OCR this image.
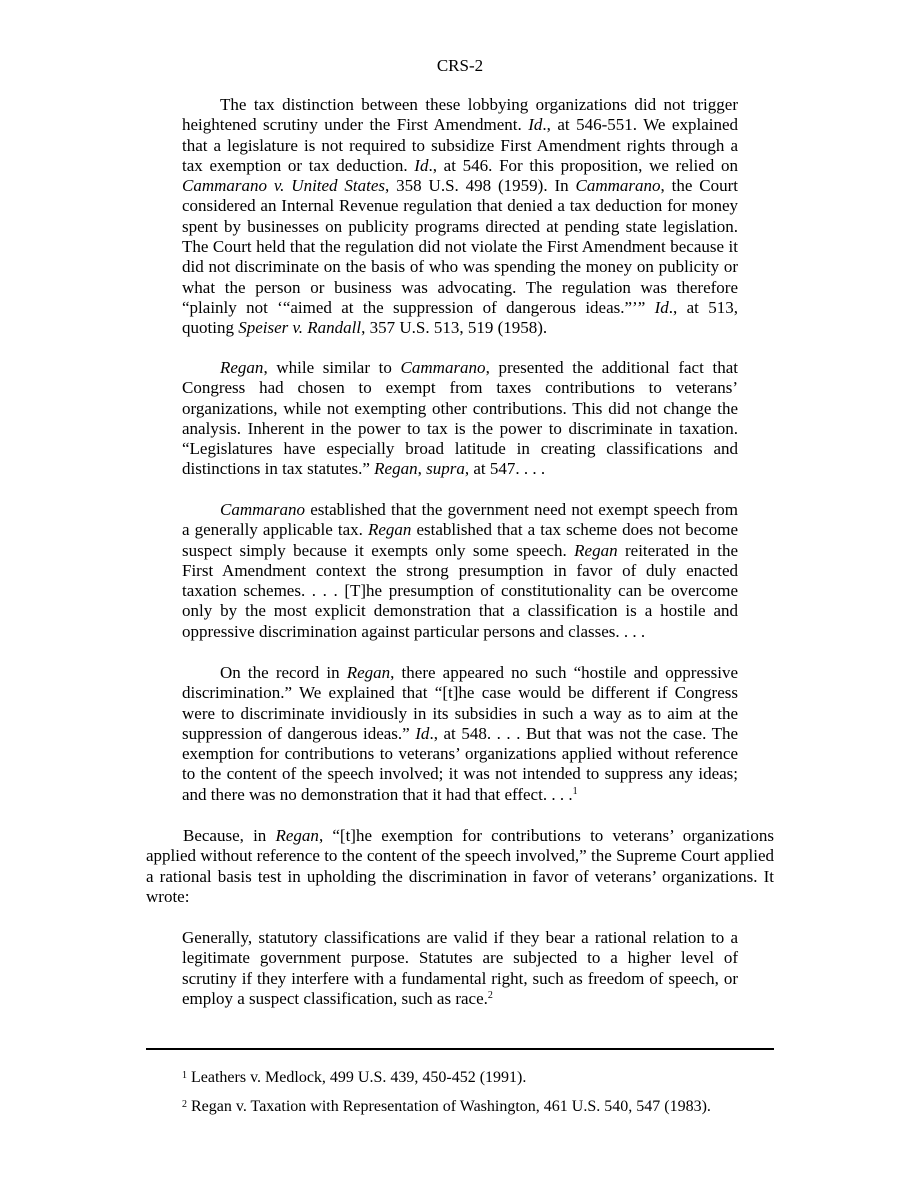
CRS-2

The tax distinction between these lobbying organizations did not trigger heightened scrutiny under the First Amendment. Id., at 546-551. We explained that a legislature is not required to subsidize First Amendment rights through a tax exemption or tax deduction. Id., at 546. For this proposition, we relied on Cammarano v. United States, 358 U.S. 498 (1959). In Cammarano, the Court considered an Internal Revenue regulation that denied a tax deduction for money spent by businesses on publicity programs directed at pending state legislation. The Court held that the regulation did not violate the First Amendment because it did not discriminate on the basis of who was spending the money on publicity or what the person or business was advocating. The regulation was therefore “plainly not ‘“aimed at the suppression of dangerous ideas.”’” Id., at 513, quoting Speiser v. Randall, 357 U.S. 513, 519 (1958).

Regan, while similar to Cammarano, presented the additional fact that Congress had chosen to exempt from taxes contributions to veterans’ organizations, while not exempting other contributions. This did not change the analysis. Inherent in the power to tax is the power to discriminate in taxation. “Legislatures have especially broad latitude in creating classifications and distinctions in tax statutes.” Regan, supra, at 547. . . .

Cammarano established that the government need not exempt speech from a generally applicable tax. Regan established that a tax scheme does not become suspect simply because it exempts only some speech. Regan reiterated in the First Amendment context the strong presumption in favor of duly enacted taxation schemes. . . . [T]he presumption of constitutionality can be overcome only by the most explicit demonstration that a classification is a hostile and oppressive discrimination against particular persons and classes. . . .

On the record in Regan, there appeared no such “hostile and oppressive discrimination.” We explained that “[t]he case would be different if Congress were to discriminate invidiously in its subsidies in such a way as to aim at the suppression of dangerous ideas.” Id., at 548. . . . But that was not the case. The exemption for contributions to veterans’ organizations applied without reference to the content of the speech involved; it was not intended to suppress any ideas; and there was no demonstration that it had that effect. . . .$^1$

Because, in Regan, “[t]he exemption for contributions to veterans’ organizations applied without reference to the content of the speech involved,” the Supreme Court applied a rational basis test in upholding the discrimination in favor of veterans’ organizations. It wrote:
Generally, statutory classifications are valid if they bear a rational relation to a legitimate government purpose. Statutes are subjected to a higher level of scrutiny if they interfere with a fundamental right, such as freedom of speech, or employ a suspect classification, such as race.$^2$

$^1$ Leathers v. Medlock, 499 U.S. 439, 450-452 (1991).

$^2$ Regan v. Taxation with Representation of Washington, 461 U.S. 540, 547 (1983).
